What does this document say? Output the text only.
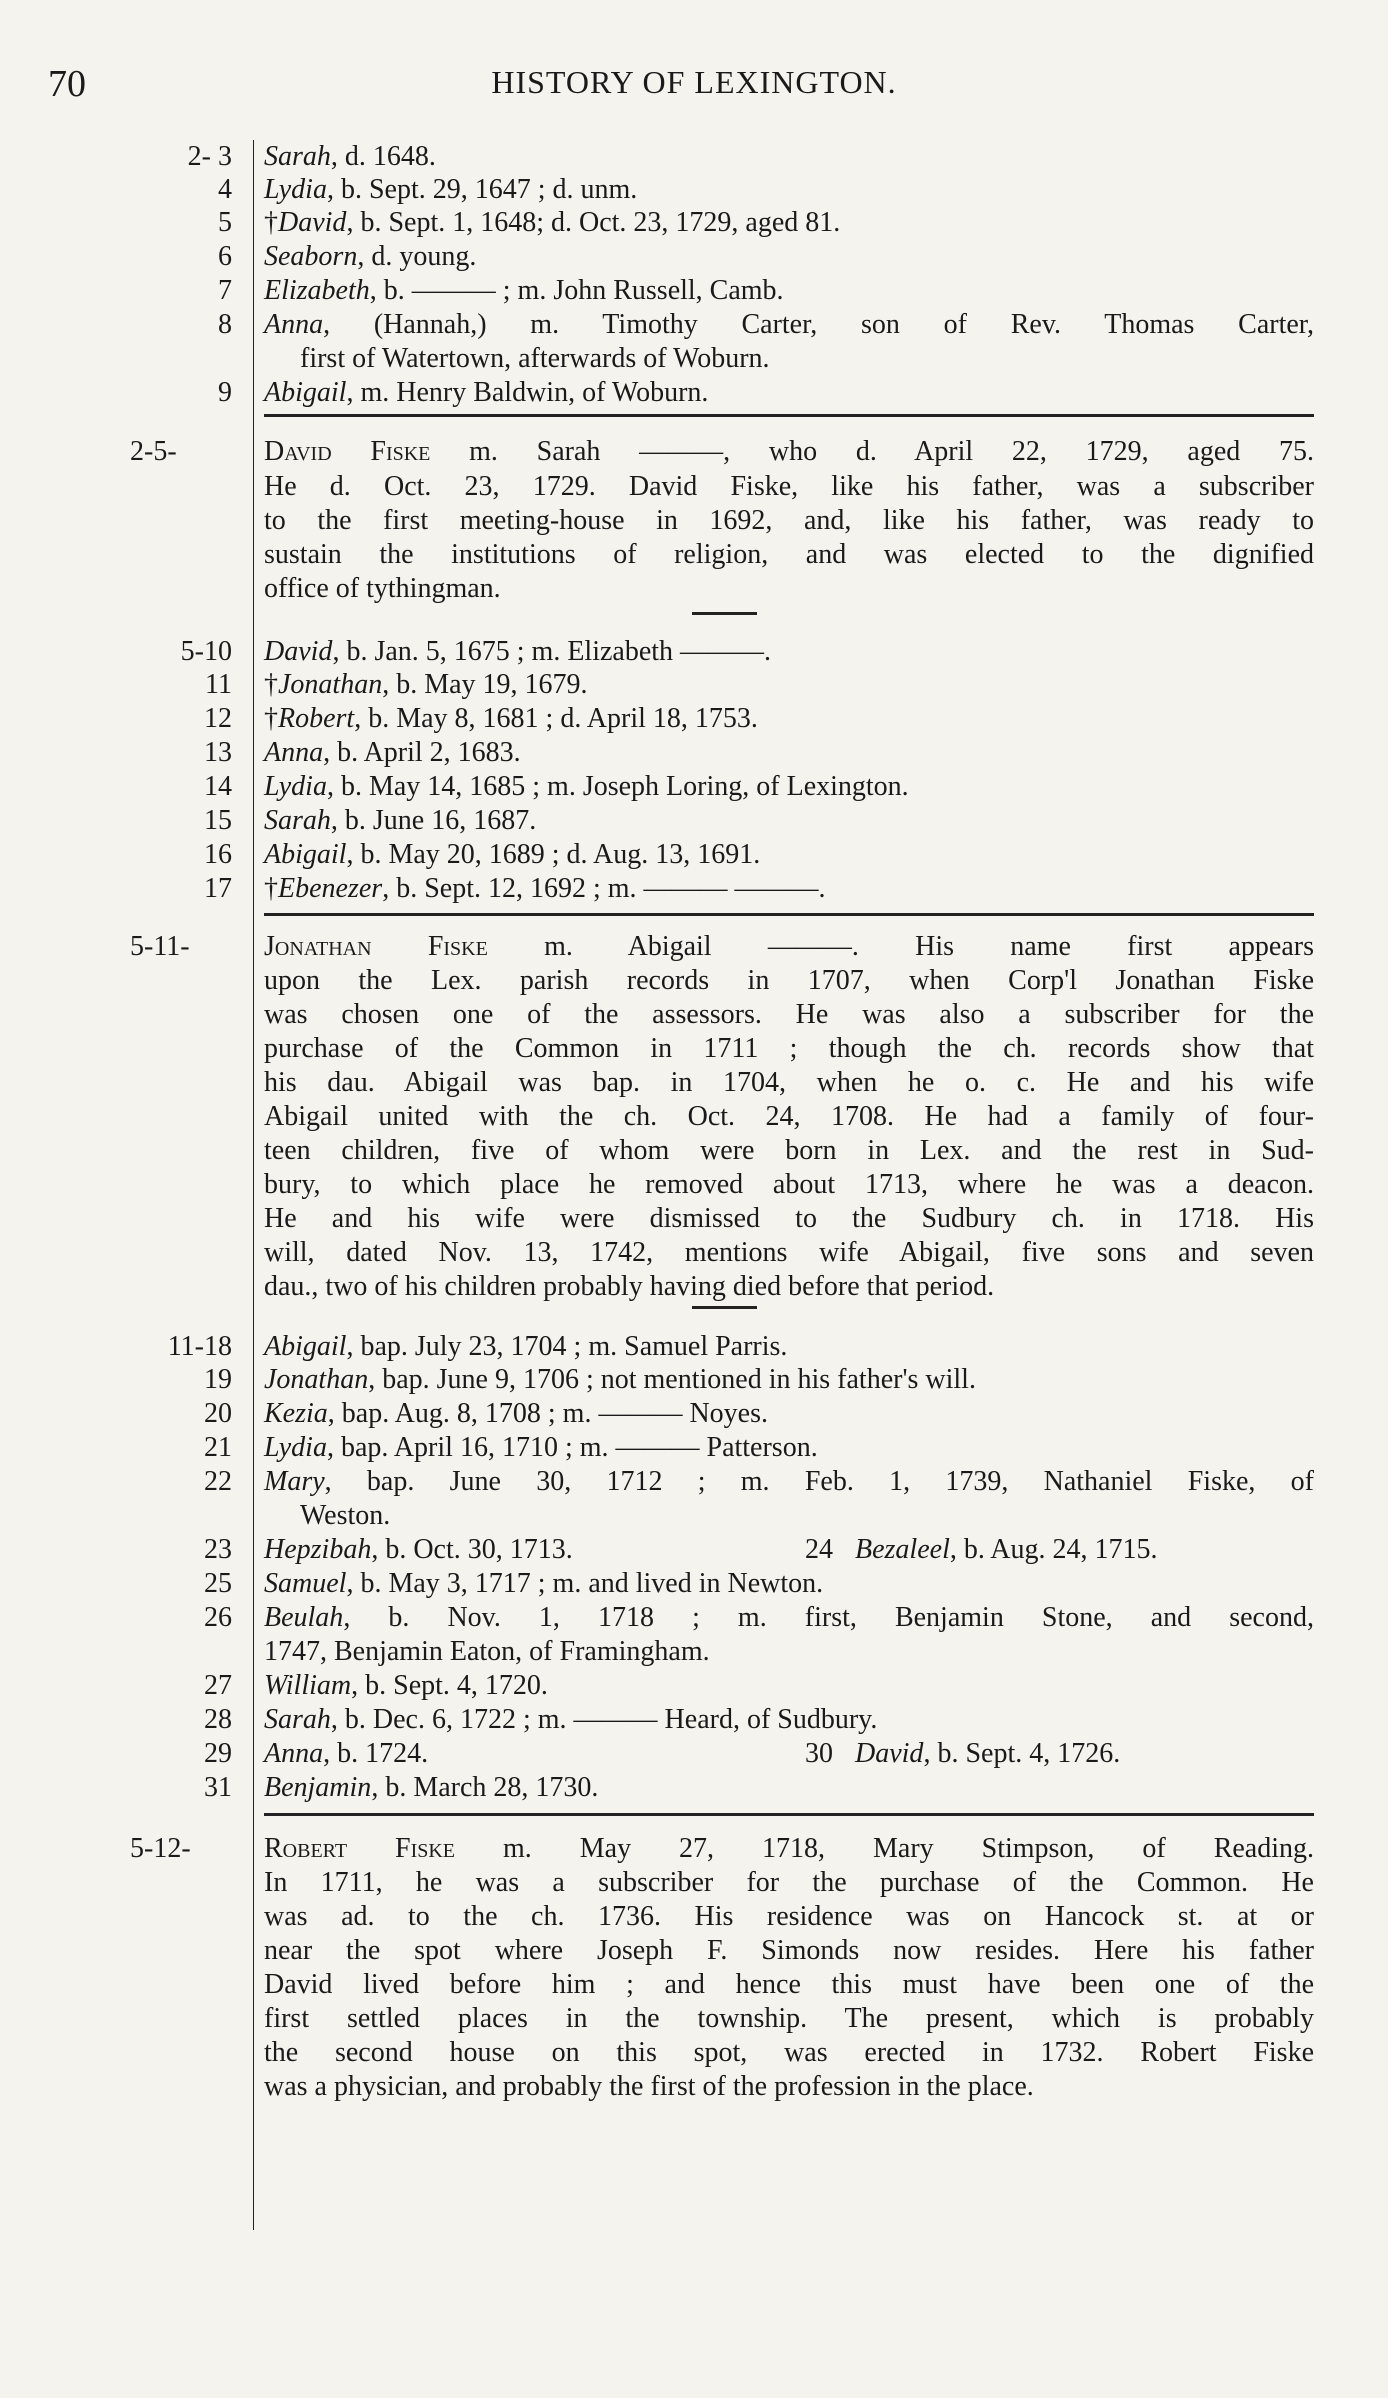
70	HISTORY OF LEXINGTON.
2- 3 Sarah, d. 1648.
4 Lydia, b. Sept. 29, 1647 ; d. unm.
5 †David, b. Sept. 1, 1648; d. Oct. 23, 1729, aged 81.
6 Seaborn, d. young.
7 Elizabeth, b. ——— ; m. John Russell, Camb.
8 Anna, (Hannah,) m. Timothy Carter, son of Rev. Thomas Carter,
first of Watertown, afterwards of Woburn.
9 Abigail, m. Henry Baldwin, of Woburn.
2-5-	David Fiske m. Sarah ———, who d. April 22, 1729, aged 75.
He d. Oct. 23, 1729. David Fiske, like his father, was a subscriber
to the first meeting-house in 1692, and, like his father, was ready to
sustain the institutions of religion, and was elected to the dignified
office of tythingman.
5-10 David, b. Jan. 5, 1675 ; m. Elizabeth ———.
11 †Jonathan, b. May 19, 1679.
12 †Robert, b. May 8, 1681 ; d. April 18, 1753.
13 Anna, b. April 2, 1683.
14 Lydia, b. May 14, 1685 ; m. Joseph Loring, of Lexington.
15 Sarah, b. June 16, 1687.
16 Abigail, b. May 20, 1689 ; d. Aug. 13, 1691.
17 †Ebenezer, b. Sept. 12, 1692 ; m. ——— ———.
5-11-	Jonathan Fiske m. Abigail ———. His name first appears
upon the Lex. parish records in 1707, when Corp'l Jonathan Fiske
was chosen one of the assessors. He was also a subscriber for the
purchase of the Common in 1711 ; though the ch. records show that
his dau. Abigail was bap. in 1704, when he o. c. He and his wife
Abigail united with the ch. Oct. 24, 1708. He had a family of four-
teen children, five of whom were born in Lex. and the rest in Sud-
bury, to which place he removed about 1713, where he was a deacon.
He and his wife were dismissed to the Sudbury ch. in 1718. His
will, dated Nov. 13, 1742, mentions wife Abigail, five sons and seven
dau., two of his children probably having died before that period.
11-18 Abigail, bap. July 23, 1704 ; m. Samuel Parris.
19 Jonathan, bap. June 9, 1706 ; not mentioned in his father's will.
20 Kezia, bap. Aug. 8, 1708 ; m. ——— Noyes.
21 Lydia, bap. April 16, 1710 ; m. ——— Patterson.
22 Mary, bap. June 30, 1712 ; m. Feb. 1, 1739, Nathaniel Fiske, of
Weston.
23 Hepzibah, b. Oct. 30, 1713.	24 Bezaleel, b. Aug. 24, 1715.
25 Samuel, b. May 3, 1717 ; m. and lived in Newton.
26 Beulah, b. Nov. 1, 1718 ; m. first, Benjamin Stone, and second,
1747, Benjamin Eaton, of Framingham.
27 William, b. Sept. 4, 1720.
28 Sarah, b. Dec. 6, 1722 ; m. ——— Heard, of Sudbury.
29 Anna, b. 1724.	30 David, b. Sept. 4, 1726.
31 Benjamin, b. March 28, 1730.
5-12-	Robert Fiske m. May 27, 1718, Mary Stimpson, of Reading.
In 1711, he was a subscriber for the purchase of the Common. He
was ad. to the ch. 1736. His residence was on Hancock st. at or
near the spot where Joseph F. Simonds now resides. Here his father
David lived before him ; and hence this must have been one of the
first settled places in the township. The present, which is probably
the second house on this spot, was erected in 1732. Robert Fiske
was a physician, and probably the first of the profession in the place.
